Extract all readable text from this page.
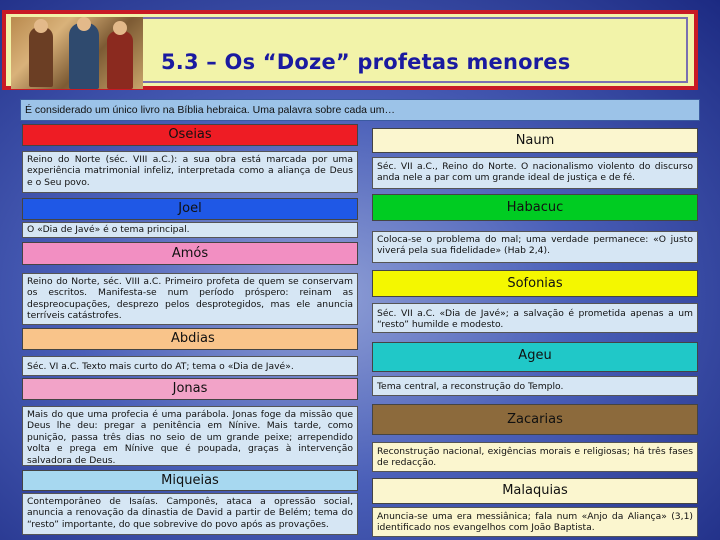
5.3 – Os “Doze” profetas menores
É considerado um único livro na Bíblia hebraica. Uma palavra sobre cada um…
Oseias
Reino do Norte (séc. VIII a.C.): a sua obra está marcada por uma experiência matrimonial infeliz, interpretada como a aliança de Deus e o Seu povo.
Joel
O «Dia de Javé» é o tema principal.
Amós
Reino do Norte, séc. VIII a.C. Primeiro profeta de quem se conservam os escritos. Manifesta-se num período próspero: reinam as despreocupações, desprezo pelos desprotegidos, mas ele anuncia terríveis catástrofes.
Abdias
Séc. VI a.C. Texto mais curto do AT; tema o «Dia de Javé».
Jonas
Mais do que uma profecia é uma parábola. Jonas foge da missão que Deus lhe deu: pregar a penitência em Nínive. Mais tarde, como punição, passa três dias no seio de um grande peixe; arrependido volta e prega em Nínive que é poupada, graças à intervenção salvadora de Deus.
Miqueias
Contemporâneo de Isaías. Camponês, ataca a opressão social, anuncia a renovação da dinastia de David a partir de Belém; tema do “resto” importante, do que sobrevive do povo após as provações.
Naum
Séc. VII a.C., Reino do Norte. O nacionalismo violento do discurso anda nele a par com um grande ideal de justiça e de fé.
Habacuc
Coloca-se o problema do mal; uma verdade permanece: «O justo viverá pela sua fidelidade» (Hab 2,4).
Sofonias
Séc. VII a.C. «Dia de Javé»; a salvação é prometida apenas a um “resto” humilde e modesto.
Ageu
Tema central, a reconstrução do Templo.
Zacarias
Reconstrução nacional, exigências morais e religiosas; há três fases de redacção.
Malaquias
Anuncia-se uma era messiânica; fala num «Anjo da Aliança» (3,1) identificado nos evangelhos com João Baptista.
